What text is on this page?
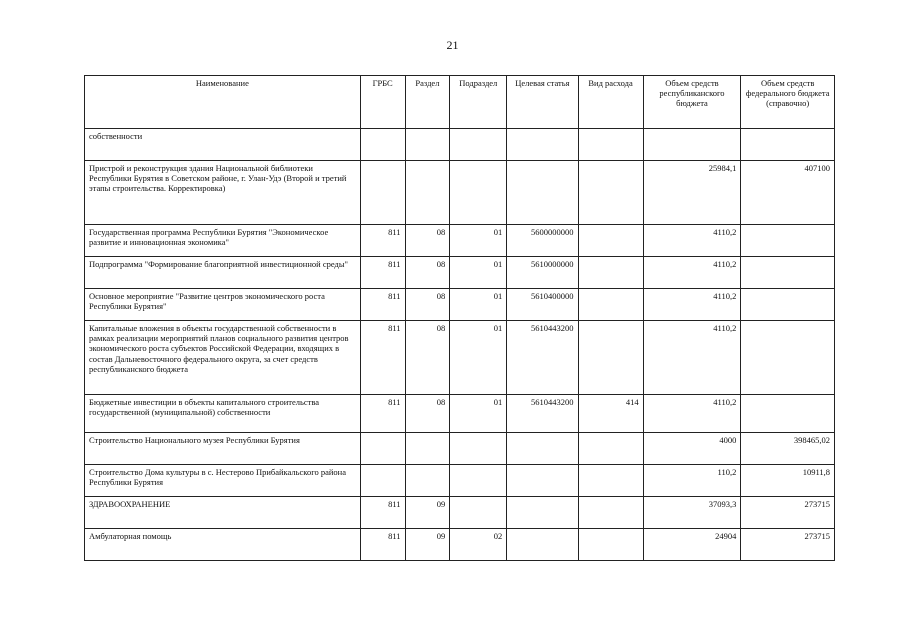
21
Наименование	ГРБС	Раздел	Подраздел	Целевая статья	Вид расхода	Объем средств республиканского бюджета	Объем средств федерального бюджета (справочно)
собственности							
Пристрой и реконструкция здания Национальной библиотеки Республики Бурятия в Советском районе, г. Улан-Удэ (Второй и третий этапы строительства. Корректировка)						25984,1	407100
Государственная программа Республики Бурятия "Экономическое развитие и инновационная экономика"	811	08	01	5600000000		4110,2	
Подпрограмма "Формирование благоприятной инвестиционной среды"	811	08	01	5610000000		4110,2	
Основное мероприятие "Развитие центров экономического роста Республики Бурятия"	811	08	01	5610400000		4110,2	
Капитальные вложения в объекты государственной собственности в рамках реализации мероприятий планов социального развития центров экономического роста субъектов Российской Федерации, входящих в состав Дальневосточного федерального округа, за счет средств республиканского бюджета	811	08	01	5610443200		4110,2	
Бюджетные инвестиции в объекты капитального строительства государственной (муниципальной) собственности	811	08	01	5610443200	414	4110,2	
Строительство Национального музея Республики Бурятия						4000	398465,02
Строительство Дома культуры в с. Нестерово Прибайкальского района Республики Бурятия						110,2	10911,8
ЗДРАВООХРАНЕНИЕ	811	09				37093,3	273715
Амбулаторная помощь	811	09	02			24904	273715
